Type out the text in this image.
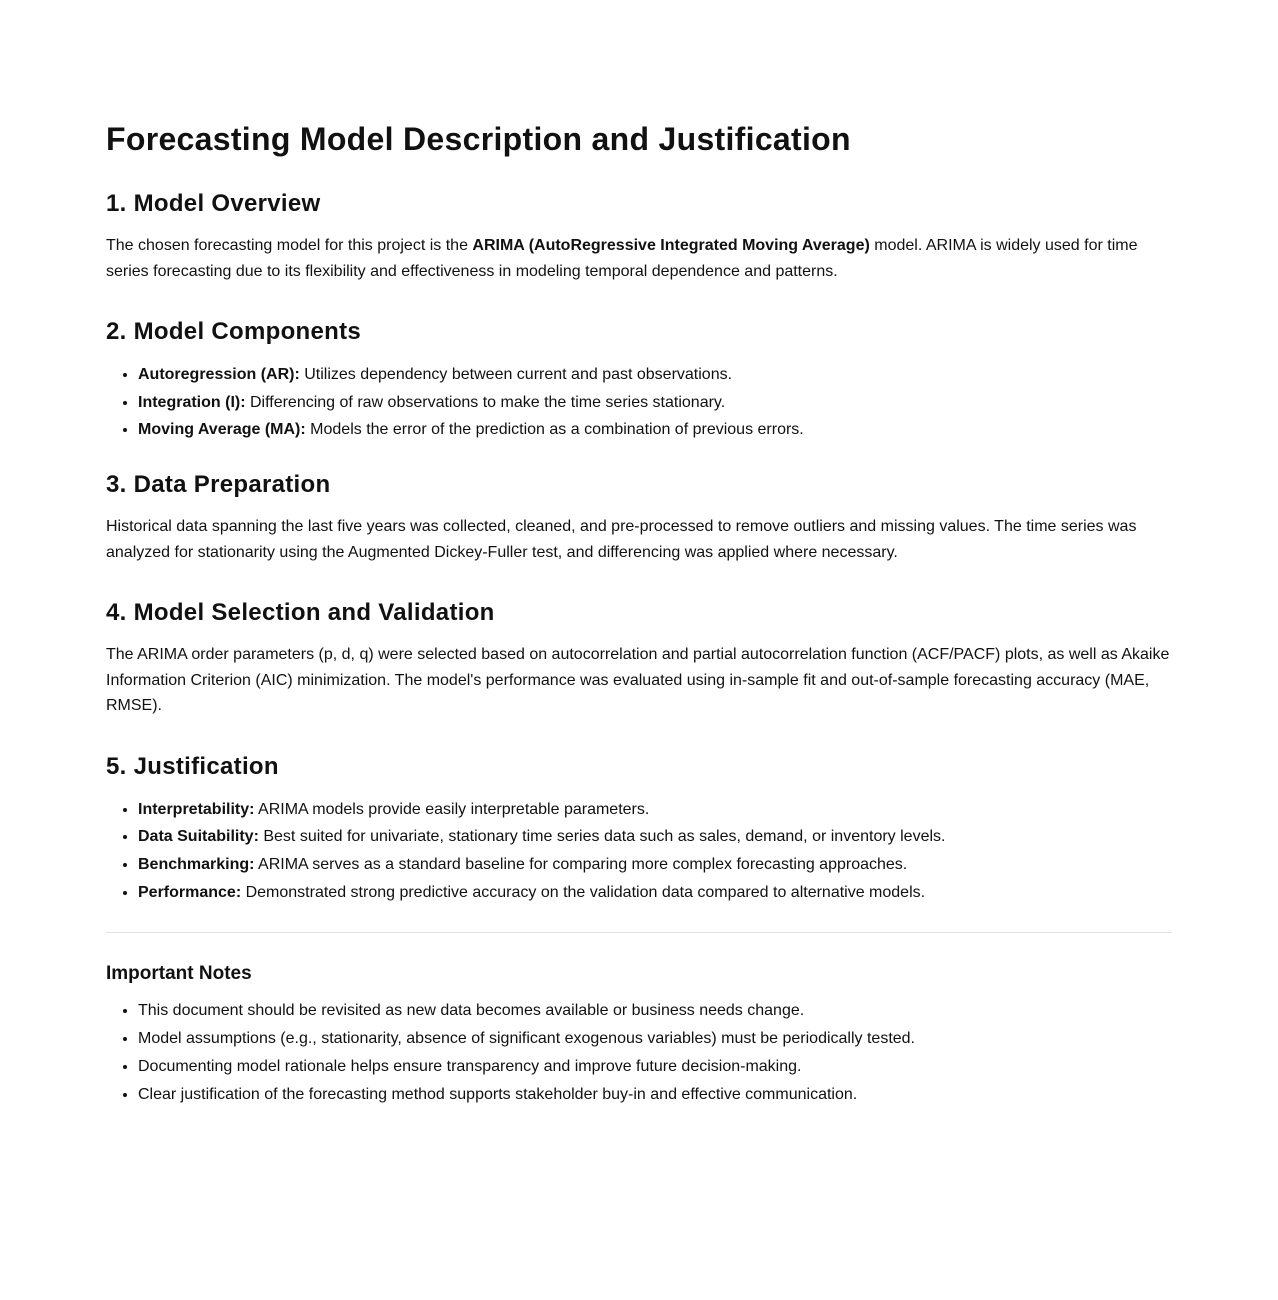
Forecasting Model Description and Justification
1. Model Overview

The chosen forecasting model for this project is the ARIMA (AutoRegressive Integrated Moving Average) model. ARIMA is widely used for time series forecasting due to its flexibility and effectiveness in modeling temporal dependence and patterns.

2. Model Components
• Autoregression (AR): Utilizes dependency between current and past observations.
• Integration (I): Differencing of raw observations to make the time series stationary.
• Moving Average (MA): Models the error of the prediction as a combination of previous errors.
3. Data Preparation

Historical data spanning the last five years was collected, cleaned, and pre-processed to remove outliers and missing values. The time series was analyzed for stationarity using the Augmented Dickey-Fuller test, and differencing was applied where necessary.

4. Model Selection and Validation

The ARIMA order parameters (p, d, q) were selected based on autocorrelation and partial autocorrelation function (ACF/PACF) plots, as well as Akaike Information Criterion (AIC) minimization. The model's performance was evaluated using in-sample fit and out-of-sample forecasting accuracy (MAE, RMSE).

5. Justification
• Interpretability: ARIMA models provide easily interpretable parameters.
• Data Suitability: Best suited for univariate, stationary time series data such as sales, demand, or inventory levels.
• Benchmarking: ARIMA serves as a standard baseline for comparing more complex forecasting approaches.
• Performance: Demonstrated strong predictive accuracy on the validation data compared to alternative models.
Important Notes
• This document should be revisited as new data becomes available or business needs change.
• Model assumptions (e.g., stationarity, absence of significant exogenous variables) must be periodically tested.
• Documenting model rationale helps ensure transparency and improve future decision-making.
• Clear justification of the forecasting method supports stakeholder buy-in and effective communication.
